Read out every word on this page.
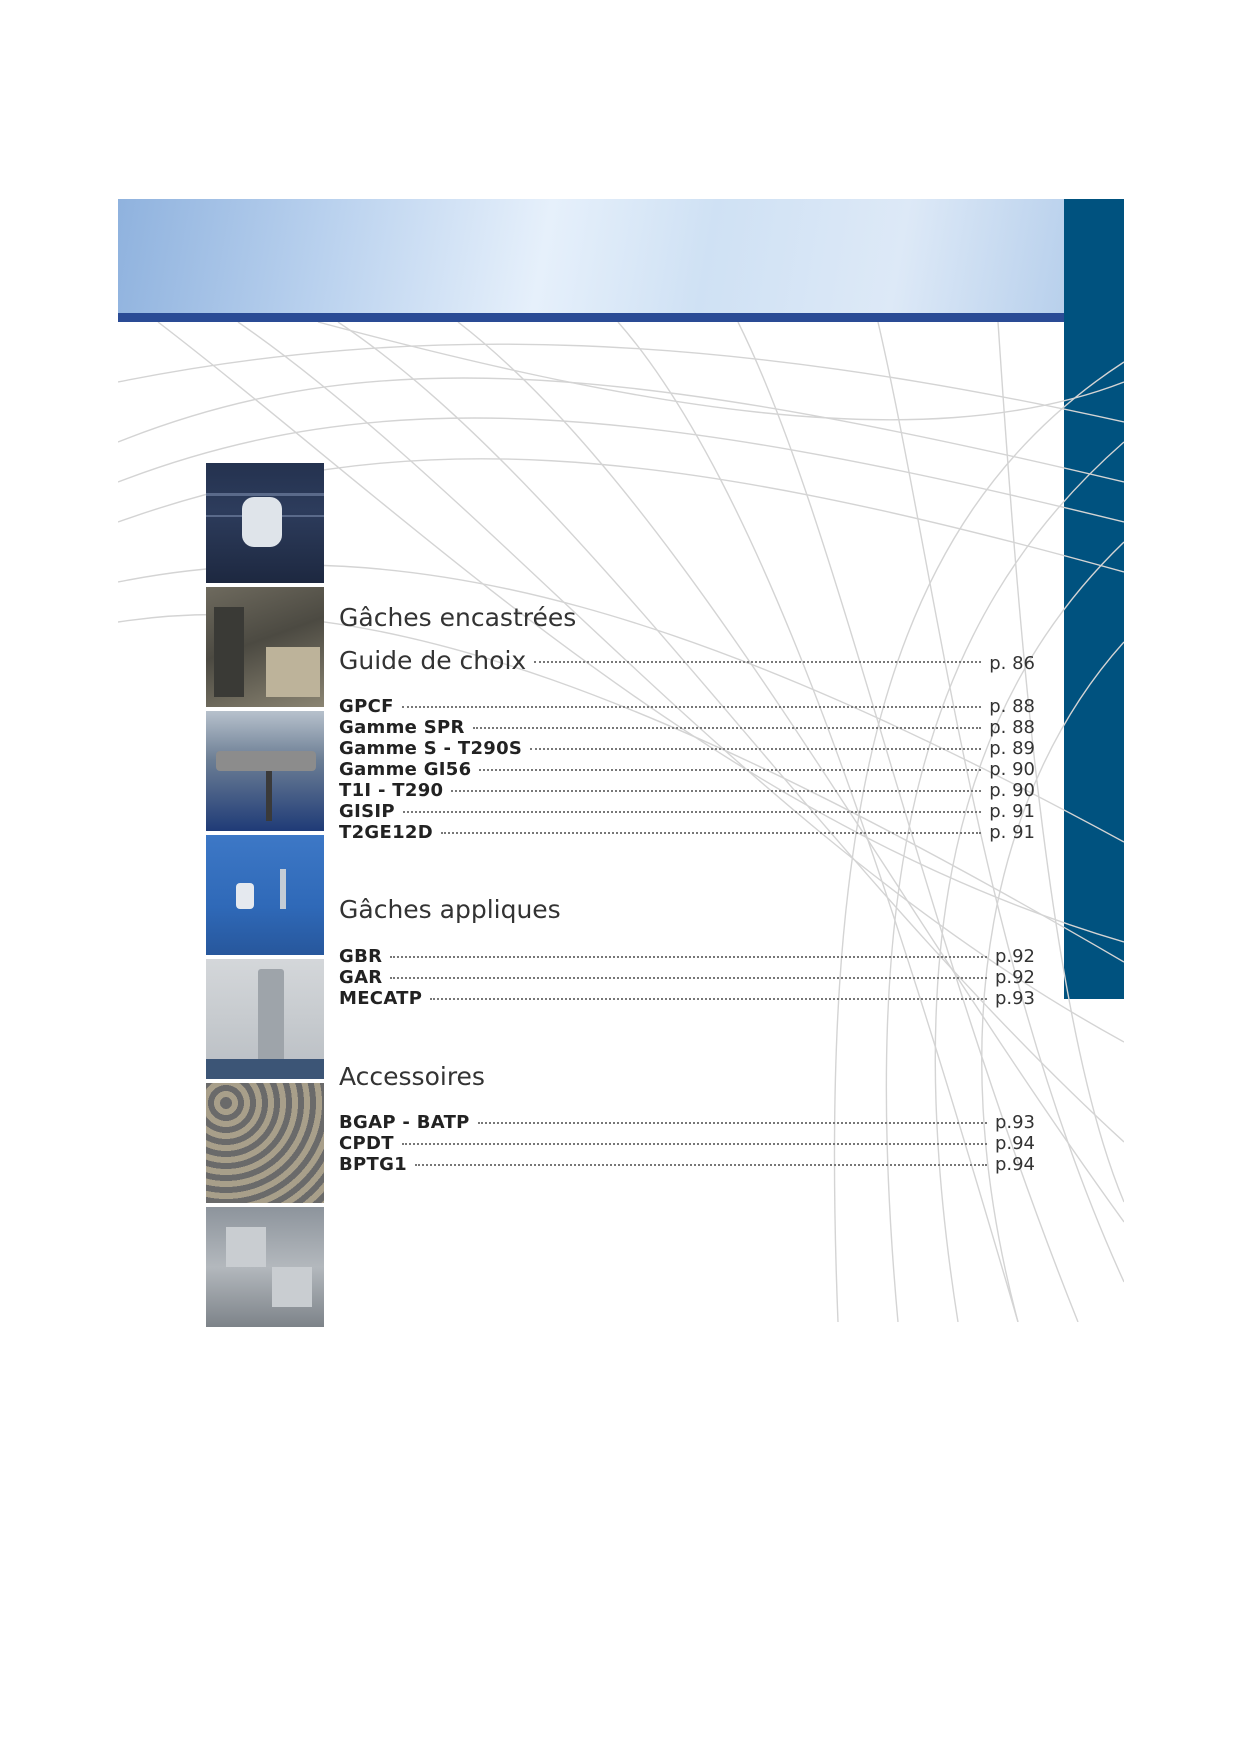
Gâches encastrées
Guide de choix	p. 86
GPCF	p. 88
Gamme SPR	p. 88
Gamme S - T290S	p. 89
Gamme GI56	p. 90
T1I - T290	p. 90
GISIP	p. 91
T2GE12D	p. 91
Gâches appliques
GBR	p.92
GAR	p.92
MECATP	p.93
Accessoires
BGAP - BATP	p.93
CPDT	p.94
BPTG1	p.94
